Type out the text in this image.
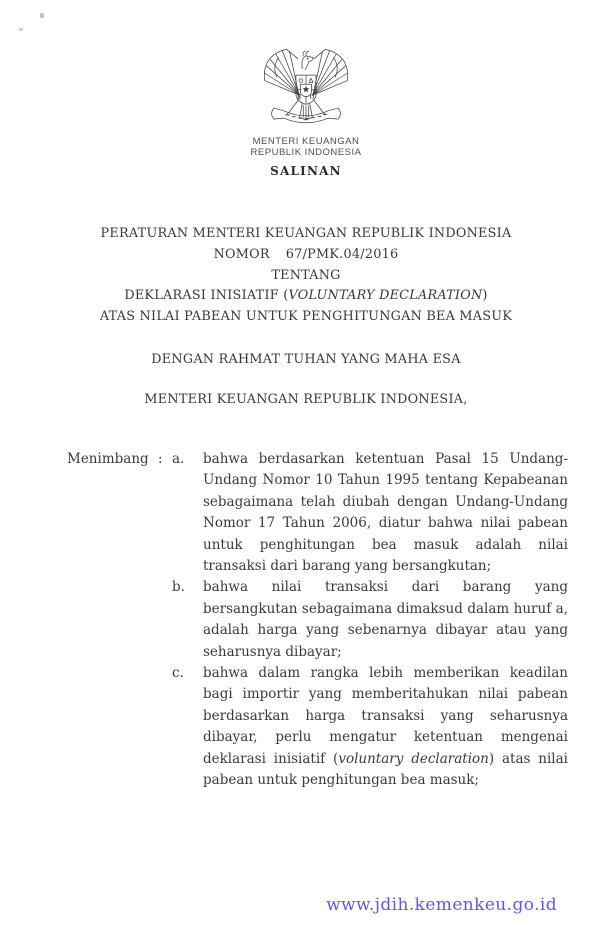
MENTERI KEUANGAN
REPUBLIK INDONESIA
SALINAN
PERATURAN MENTERI KEUANGAN REPUBLIK INDONESIA
NOMOR 67/PMK.04/2016
TENTANG
DEKLARASI INISIATIF (VOLUNTARY DECLARATION)
ATAS NILAI PABEAN UNTUK PENGHITUNGAN BEA MASUK
DENGAN RAHMAT TUHAN YANG MAHA ESA
MENTERI KEUANGAN REPUBLIK INDONESIA,
Menimbang : a.	bahwa berdasarkan ketentuan Pasal 15 Undang-Undang Nomor 10 Tahun 1995 tentang Kepabeanan sebagaimana telah diubah dengan Undang-Undang Nomor 17 Tahun 2006, diatur bahwa nilai pabean untuk penghitungan bea masuk adalah nilai transaksi dari barang yang bersangkutan;
b.	bahwa nilai transaksi dari barang yang bersangkutan sebagaimana dimaksud dalam huruf a, adalah harga yang sebenarnya dibayar atau yang seharusnya dibayar;
c.	bahwa dalam rangka lebih memberikan keadilan bagi importir yang memberitahukan nilai pabean berdasarkan harga transaksi yang seharusnya dibayar, perlu mengatur ketentuan mengenai deklarasi inisiatif (voluntary declaration) atas nilai pabean untuk penghitungan bea masuk;
www.jdih.kemenkeu.go.id
